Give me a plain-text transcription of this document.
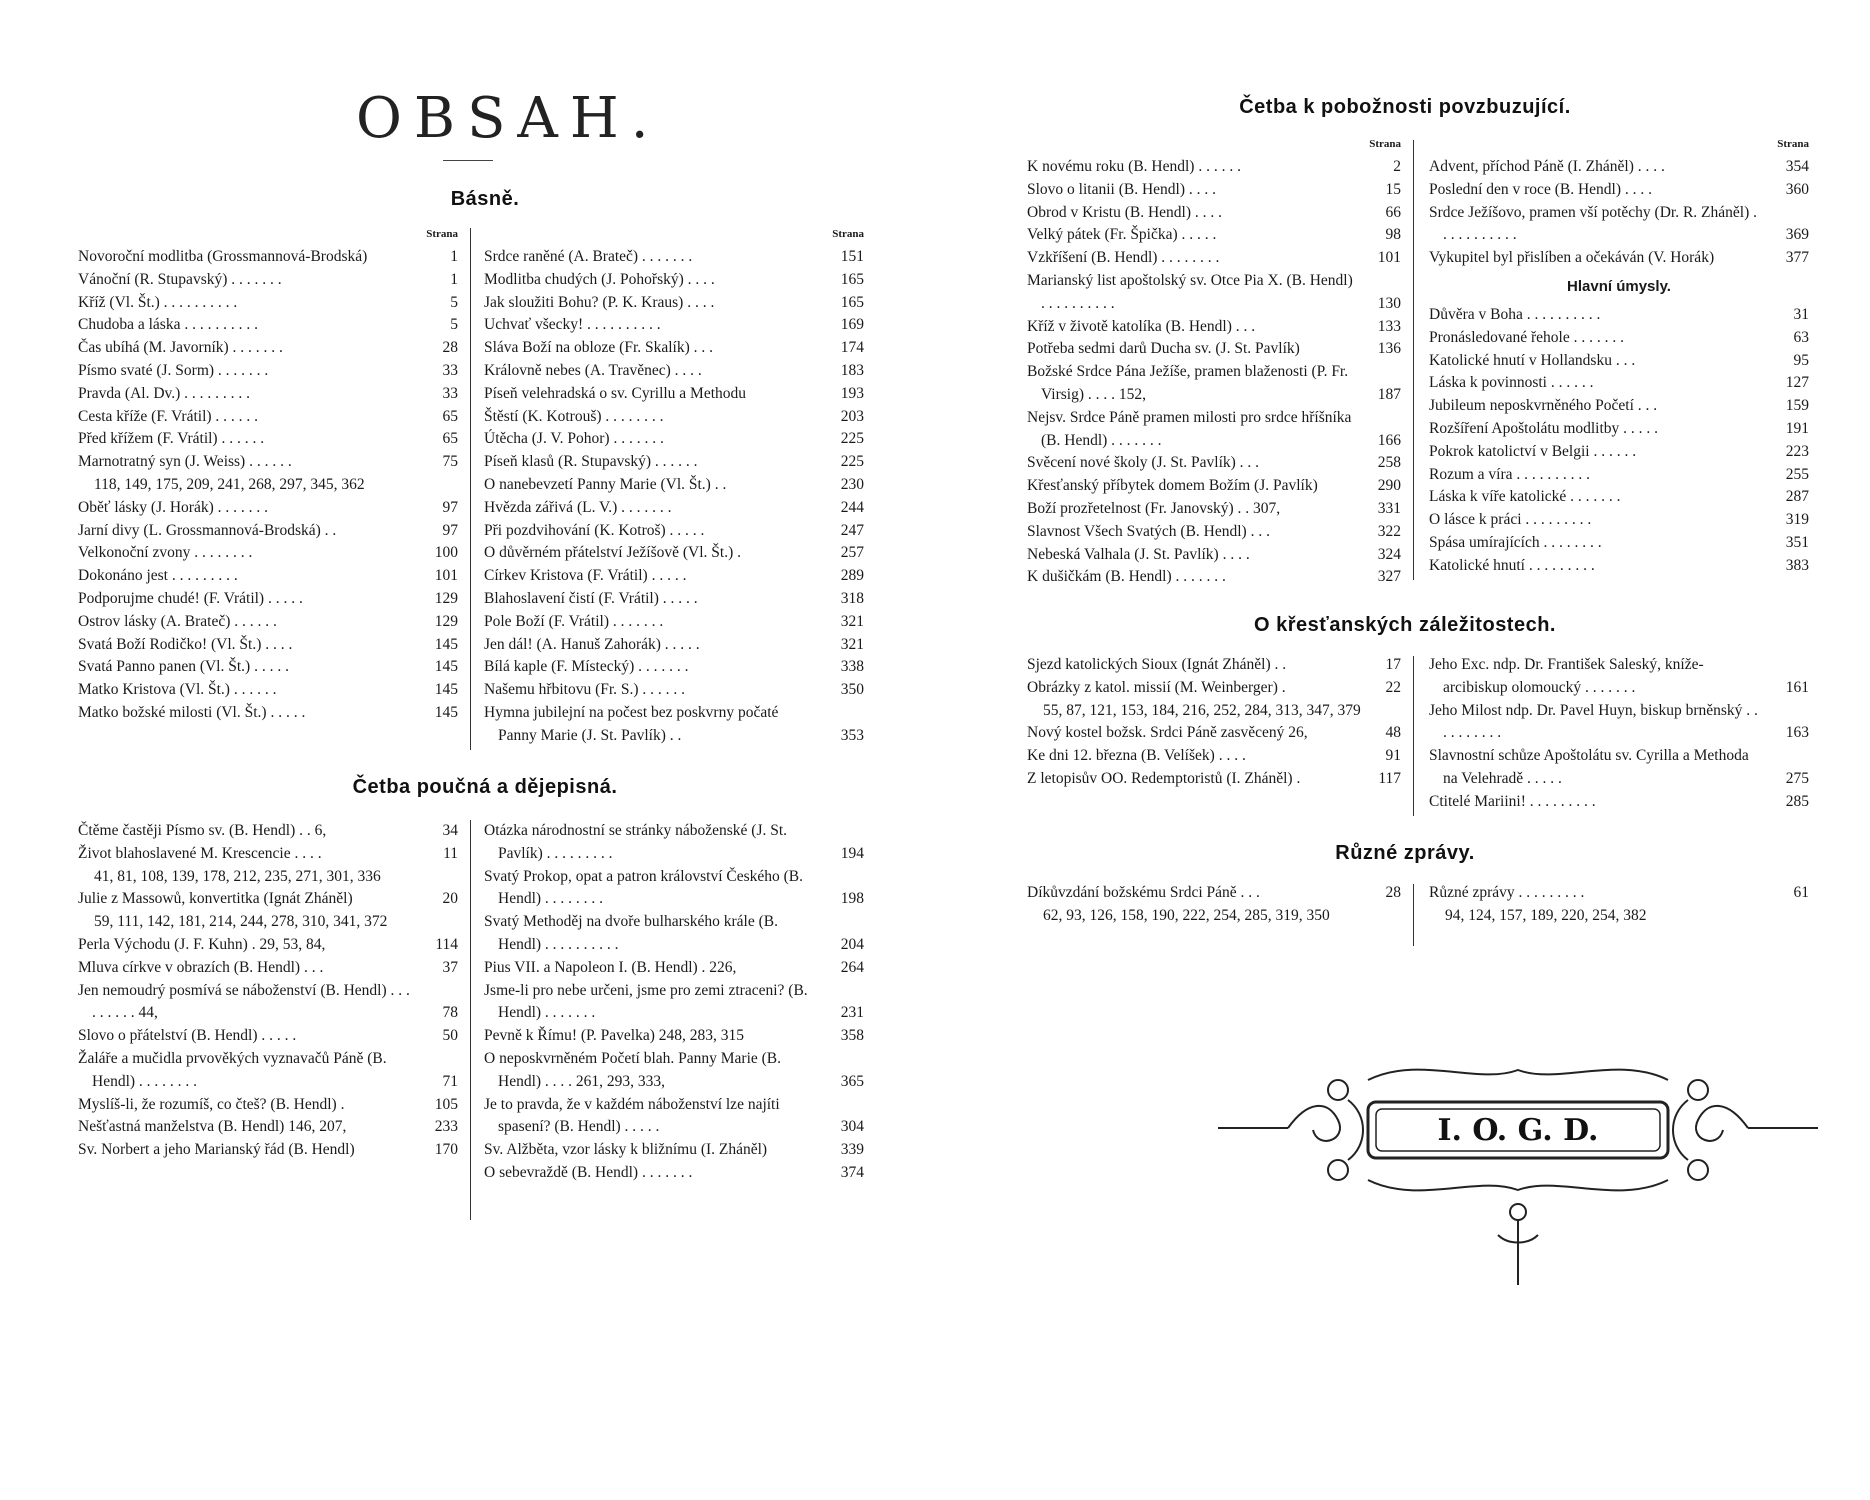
OBSAH.
Básně.
Strana
Novoroční modlitba (Grossmannová-Brodská)	1
Vánoční (R. Stupavský) . . . . . . .	1
Kříž (Vl. Št.) . . . . . . . . . .	5
Chudoba a láska . . . . . . . . . .	5
Čas ubíhá (M. Javorník) . . . . . . .	28
Písmo svaté (J. Sorm) . . . . . . .	33
Pravda (Al. Dv.) . . . . . . . . .	33
Cesta kříže (F. Vrátil) . . . . . .	65
Před křížem (F. Vrátil) . . . . . .	65
Marnotratný syn (J. Weiss) . . . . . .	75
118, 149, 175, 209, 241, 268, 297, 345, 362
Oběť lásky (J. Horák) . . . . . . .	97
Jarní divy (L. Grossmannová-Brodská) . .	97
Velkonoční zvony . . . . . . . .	100
Dokonáno jest . . . . . . . . .	101
Podporujme chudé! (F. Vrátil) . . . . .	129
Ostrov lásky (A. Brateč) . . . . . .	129
Svatá Boží Rodičko! (Vl. Št.) . . . .	145
Svatá Panno panen (Vl. Št.) . . . . .	145
Matko Kristova (Vl. Št.) . . . . . .	145
Matko božské milosti (Vl. Št.) . . . . .	145
Strana
Srdce raněné (A. Brateč) . . . . . . .	151
Modlitba chudých (J. Pohořský) . . . .	165
Jak sloužiti Bohu? (P. K. Kraus) . . . .	165
Uchvať všecky! . . . . . . . . . .	169
Sláva Boží na obloze (Fr. Skalík) . . .	174
Královně nebes (A. Travěnec) . . . .	183
Píseň velehradská o sv. Cyrillu a Methodu	193
Štěstí (K. Kotrouš) . . . . . . . .	203
Útěcha (J. V. Pohor) . . . . . . .	225
Píseň klasů (R. Stupavský) . . . . . .	225
O nanebevzetí Panny Marie (Vl. Št.) . .	230
Hvězda zářivá (L. V.) . . . . . . .	244
Při pozdvihování (K. Kotroš) . . . . .	247
O důvěrném přátelství Ježíšově (Vl. Št.) .	257
Církev Kristova (F. Vrátil) . . . . .	289
Blahoslavení čistí (F. Vrátil) . . . . .	318
Pole Boží (F. Vrátil) . . . . . . .	321
Jen dál! (A. Hanuš Zahorák) . . . . .	321
Bílá kaple (F. Místecký) . . . . . . .	338
Našemu hřbitovu (Fr. S.) . . . . . .	350
Hymna jubilejní na počest bez poskvrny počaté Panny Marie (J. St. Pavlík) . .	353
Četba poučná a dějepisná.
Čtěme častěji Písmo sv. (B. Hendl) . . 6,	34
Život blahoslavené M. Krescencie . . . .	11
41, 81, 108, 139, 178, 212, 235, 271, 301, 336
Julie z Massowů, konvertitka (Ignát Zháněl)	20
59, 111, 142, 181, 214, 244, 278, 310, 341, 372
Perla Východu (J. F. Kuhn) . 29, 53, 84,	114
Mluva církve v obrazích (B. Hendl) . . .	37
Jen nemoudrý posmívá se náboženství (B. Hendl) . . . . . . . . . 44,	78
Slovo o přátelství (B. Hendl) . . . . .	50
Žaláře a mučidla prvověkých vyznavačů Páně (B. Hendl) . . . . . . . .	71
Myslíš-li, že rozumíš, co čteš? (B. Hendl) .	105
Nešťastná manželstva (B. Hendl) 146, 207,	233
Sv. Norbert a jeho Marianský řád (B. Hendl)	170
Otázka národnostní se stránky náboženské (J. St. Pavlík) . . . . . . . . .	194
Svatý Prokop, opat a patron království Českého (B. Hendl) . . . . . . . .	198
Svatý Methoděj na dvoře bulharského krále (B. Hendl) . . . . . . . . . .	204
Pius VII. a Napoleon I. (B. Hendl) . 226,	264
Jsme-li pro nebe určeni, jsme pro zemi ztraceni? (B. Hendl) . . . . . . .	231
Pevně k Římu! (P. Pavelka) 248, 283, 315	358
O neposkvrněném Početí blah. Panny Marie (B. Hendl) . . . . 261, 293, 333,	365
Je to pravda, že v každém náboženství lze najíti spasení? (B. Hendl) . . . . .	304
Sv. Alžběta, vzor lásky k bližnímu (I. Zháněl)	339
O sebevraždě (B. Hendl) . . . . . . .	374
Četba k pobožnosti povzbuzující.
Strana
K novému roku (B. Hendl) . . . . . .	2
Slovo o litanii (B. Hendl) . . . .	15
Obrod v Kristu (B. Hendl) . . . .	66
Velký pátek (Fr. Špička) . . . . .	98
Vzkříšení (B. Hendl) . . . . . . . .	101
Marianský list apoštolský sv. Otce Pia X. (B. Hendl) . . . . . . . . . .	130
Kříž v životě katolíka (B. Hendl) . . .	133
Potřeba sedmi darů Ducha sv. (J. St. Pavlík)	136
Božské Srdce Pána Ježíše, pramen blaženosti (P. Fr. Virsig) . . . . 152,	187
Nejsv. Srdce Páně pramen milosti pro srdce hříšníka (B. Hendl) . . . . . . .	166
Svěcení nové školy (J. St. Pavlík) . . .	258
Křesťanský příbytek domem Božím (J. Pavlík)	290
Boží prozřetelnost (Fr. Janovský) . . 307,	331
Slavnost Všech Svatých (B. Hendl) . . .	322
Nebeská Valhala (J. St. Pavlík) . . . .	324
K dušičkám (B. Hendl) . . . . . . .	327
Strana
Advent, příchod Páně (I. Zháněl) . . . .	354
Poslední den v roce (B. Hendl) . . . .	360
Srdce Ježíšovo, pramen vší potěchy (Dr. R. Zháněl) . . . . . . . . . . .	369
Vykupitel byl přislíben a očekáván (V. Horák)	377
Hlavní úmysly.
Důvěra v Boha . . . . . . . . . .	31
Pronásledované řehole . . . . . . .	63
Katolické hnutí v Hollandsku . . .	95
Láska k povinnosti . . . . . .	127
Jubileum neposkvrněného Početí . . .	159
Rozšíření Apoštolátu modlitby . . . . .	191
Pokrok katolictví v Belgii . . . . . .	223
Rozum a víra . . . . . . . . . .	255
Láska k víře katolické . . . . . . .	287
O lásce k práci . . . . . . . . .	319
Spása umírajících . . . . . . . .	351
Katolické hnutí . . . . . . . . .	383
O křesťanských záležitostech.
Sjezd katolických Sioux (Ignát Zháněl) . .	17
Obrázky z katol. missií (M. Weinberger) .	22
55, 87, 121, 153, 184, 216, 252, 284, 313, 347, 379
Nový kostel božsk. Srdci Páně zasvěcený 26,	48
Ke dni 12. března (B. Velíšek) . . . .	91
Z letopisův OO. Redemptoristů (I. Zháněl) .	117
Jeho Exc. ndp. Dr. František Saleský, kníže-arcibiskup olomoucký . . . . . . .	161
Jeho Milost ndp. Dr. Pavel Huyn, biskup brněnský . . . . . . . . . .	163
Slavnostní schůze Apoštolátu sv. Cyrilla a Methoda na Velehradě . . . . .	275
Ctitelé Mariini! . . . . . . . . .	285
Různé zprávy.
Díkůvzdání božskému Srdci Páně . . .	28
62, 93, 126, 158, 190, 222, 254, 285, 319, 350
Různé zprávy . . . . . . . . .	61
94, 124, 157, 189, 220, 254, 382
I. O. G. D.
